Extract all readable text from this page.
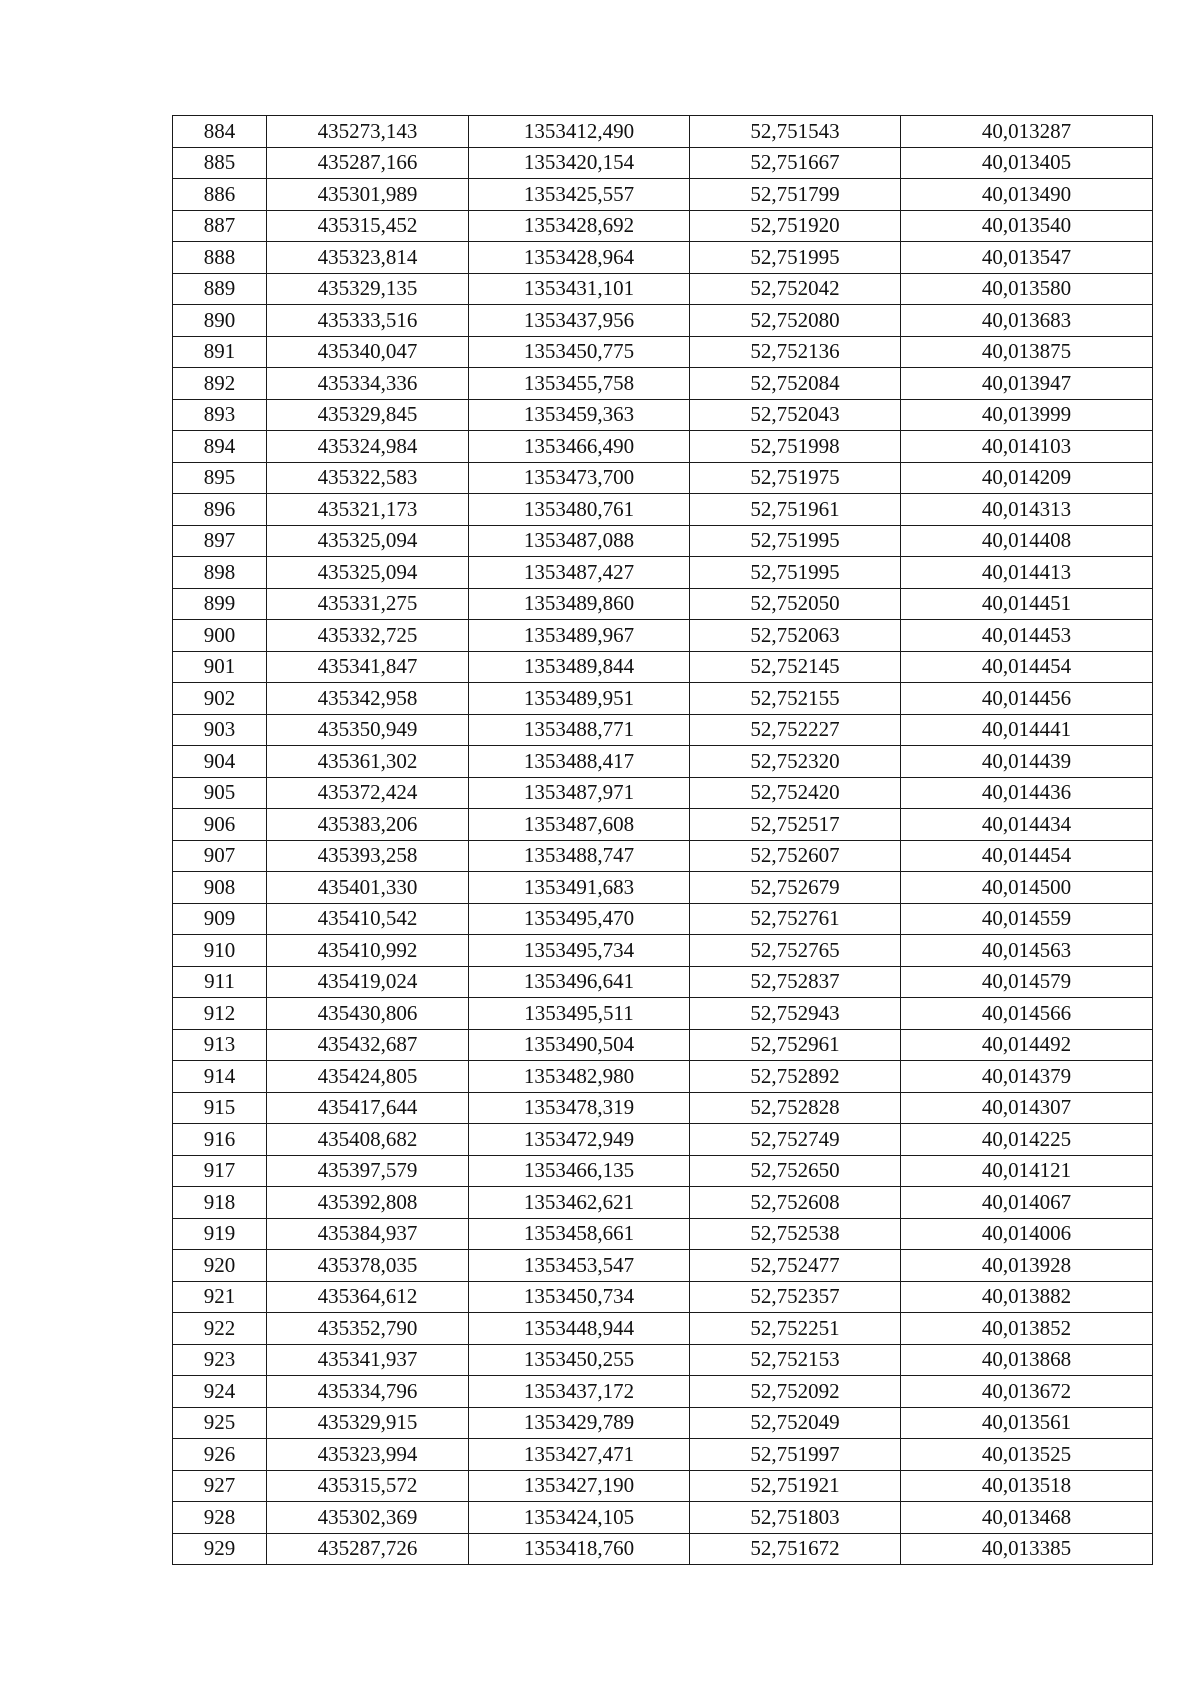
884	435273,143	1353412,490	52,751543	40,013287
885	435287,166	1353420,154	52,751667	40,013405
886	435301,989	1353425,557	52,751799	40,013490
887	435315,452	1353428,692	52,751920	40,013540
888	435323,814	1353428,964	52,751995	40,013547
889	435329,135	1353431,101	52,752042	40,013580
890	435333,516	1353437,956	52,752080	40,013683
891	435340,047	1353450,775	52,752136	40,013875
892	435334,336	1353455,758	52,752084	40,013947
893	435329,845	1353459,363	52,752043	40,013999
894	435324,984	1353466,490	52,751998	40,014103
895	435322,583	1353473,700	52,751975	40,014209
896	435321,173	1353480,761	52,751961	40,014313
897	435325,094	1353487,088	52,751995	40,014408
898	435325,094	1353487,427	52,751995	40,014413
899	435331,275	1353489,860	52,752050	40,014451
900	435332,725	1353489,967	52,752063	40,014453
901	435341,847	1353489,844	52,752145	40,014454
902	435342,958	1353489,951	52,752155	40,014456
903	435350,949	1353488,771	52,752227	40,014441
904	435361,302	1353488,417	52,752320	40,014439
905	435372,424	1353487,971	52,752420	40,014436
906	435383,206	1353487,608	52,752517	40,014434
907	435393,258	1353488,747	52,752607	40,014454
908	435401,330	1353491,683	52,752679	40,014500
909	435410,542	1353495,470	52,752761	40,014559
910	435410,992	1353495,734	52,752765	40,014563
911	435419,024	1353496,641	52,752837	40,014579
912	435430,806	1353495,511	52,752943	40,014566
913	435432,687	1353490,504	52,752961	40,014492
914	435424,805	1353482,980	52,752892	40,014379
915	435417,644	1353478,319	52,752828	40,014307
916	435408,682	1353472,949	52,752749	40,014225
917	435397,579	1353466,135	52,752650	40,014121
918	435392,808	1353462,621	52,752608	40,014067
919	435384,937	1353458,661	52,752538	40,014006
920	435378,035	1353453,547	52,752477	40,013928
921	435364,612	1353450,734	52,752357	40,013882
922	435352,790	1353448,944	52,752251	40,013852
923	435341,937	1353450,255	52,752153	40,013868
924	435334,796	1353437,172	52,752092	40,013672
925	435329,915	1353429,789	52,752049	40,013561
926	435323,994	1353427,471	52,751997	40,013525
927	435315,572	1353427,190	52,751921	40,013518
928	435302,369	1353424,105	52,751803	40,013468
929	435287,726	1353418,760	52,751672	40,013385
